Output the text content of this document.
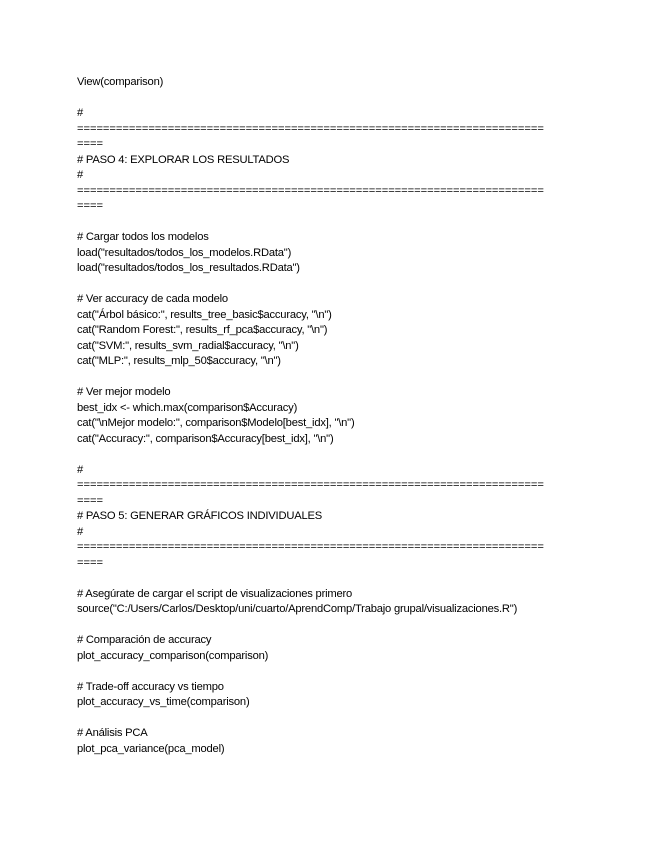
View(comparison)
#
========================================================================
====
# PASO 4: EXPLORAR LOS RESULTADOS
#
========================================================================
====
# Cargar todos los modelos
load("resultados/todos_los_modelos.RData")
load("resultados/todos_los_resultados.RData")
# Ver accuracy de cada modelo
cat("Árbol básico:", results_tree_basic$accuracy, "\n")
cat("Random Forest:", results_rf_pca$accuracy, "\n")
cat("SVM:", results_svm_radial$accuracy, "\n")
cat("MLP:", results_mlp_50$accuracy, "\n")
# Ver mejor modelo
best_idx <- which.max(comparison$Accuracy)
cat("\nMejor modelo:", comparison$Modelo[best_idx], "\n")
cat("Accuracy:", comparison$Accuracy[best_idx], "\n")
#
========================================================================
====
# PASO 5: GENERAR GRÁFICOS INDIVIDUALES
#
========================================================================
====
# Asegúrate de cargar el script de visualizaciones primero
source("C:/Users/Carlos/Desktop/uni/cuarto/AprendComp/Trabajo grupal/visualizaciones.R")
# Comparación de accuracy
plot_accuracy_comparison(comparison)
# Trade-off accuracy vs tiempo
plot_accuracy_vs_time(comparison)
# Análisis PCA
plot_pca_variance(pca_model)
